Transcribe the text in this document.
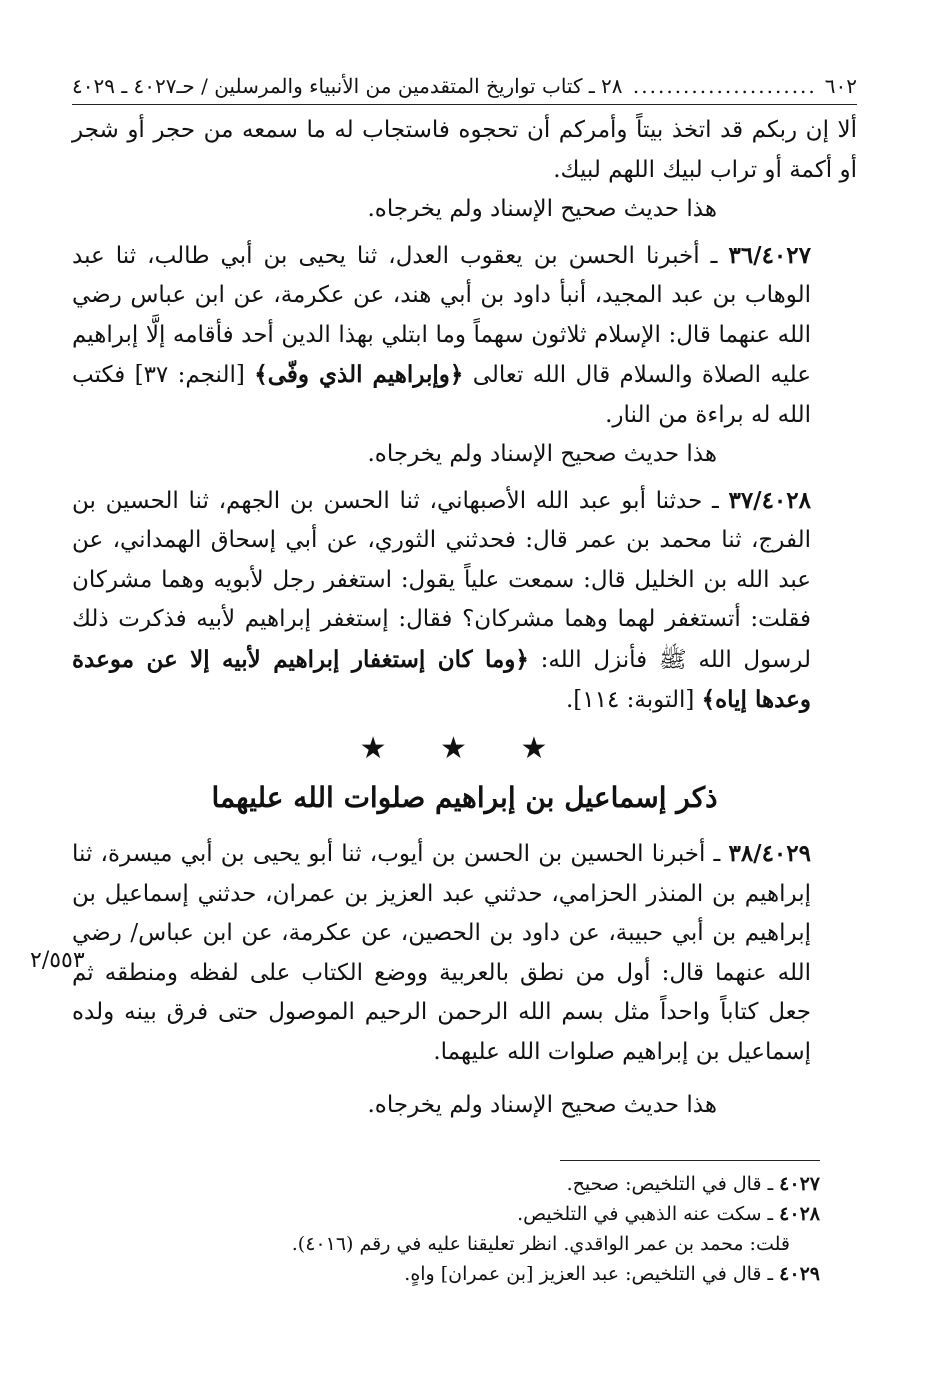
٦٠٢
.....
٢٨ ـ كتاب تواريخ المتقدمين من الأنبياء والمرسلين / حـ٤٠٢٧ ـ ٤٠٢٩

ألا إن ربكم قد اتخذ بيتاً وأمركم أن تحجوه فاستجاب له ما سمعه من حجر أو شجر أو أكمة أو تراب لبيك اللهم لبيك.

هذا حديث صحيح الإسناد ولم يخرجاه.

٣٦/٤٠٢٧ ـ أخبرنا الحسن بن يعقوب العدل، ثنا يحيى بن أبي طالب، ثنا عبد الوهاب بن عبد المجيد، أنبأ داود بن أبي هند، عن عكرمة، عن ابن عباس رضي الله عنهما قال: الإسلام ثلاثون سهماً وما ابتلي بهذا الدين أحد فأقامه إلَّا إبراهيم عليه الصلاة والسلام قال الله تعالى ﴿وإبراهيم الذي وفّى﴾ [النجم: ٣٧] فكتب الله له براءة من النار.

هذا حديث صحيح الإسناد ولم يخرجاه.

٣٧/٤٠٢٨ ـ حدثنا أبو عبد الله الأصبهاني، ثنا الحسن بن الجهم، ثنا الحسين بن الفرج، ثنا محمد بن عمر قال: فحدثني الثوري، عن أبي إسحاق الهمداني، عن عبد الله بن الخليل قال: سمعت علياً يقول: استغفر رجل لأبويه وهما مشركان فقلت: أتستغفر لهما وهما مشركان؟ فقال: إستغفر إبراهيم لأبيه فذكرت ذلك لرسول الله ﷺ فأنزل الله: ﴿وما كان إستغفار إبراهيم لأبيه إلا عن موعدة وعدها إياه﴾ [التوبة: ١١٤].

★ ★ ★
ذكر إسماعيل بن إبراهيم صلوات الله عليهما

٣٨/٤٠٢٩ ـ أخبرنا الحسين بن الحسن بن أيوب، ثنا أبو يحيى بن أبي ميسرة، ثنا إبراهيم بن المنذر الحزامي، حدثني عبد العزيز بن عمران، حدثني إسماعيل بن إبراهيم بن أبي حبيبة، عن داود بن الحصين، عن عكرمة، عن ابن عباس/ رضي الله عنهما قال: أول من نطق بالعربية ووضع الكتاب على لفظه ومنطقه ثم جعل كتاباً واحداً مثل بسم الله الرحمن الرحيم الموصول حتى فرق بينه ولده إسماعيل بن إبراهيم صلوات الله عليهما.

هذا حديث صحيح الإسناد ولم يخرجاه.

٢/٥٥٣

٤٠٢٧ ـ قال في التلخيص: صحيح.

٤٠٢٨ ـ سكت عنه الذهبي في التلخيص.

قلت: محمد بن عمر الواقدي. انظر تعليقنا عليه في رقم (٤٠١٦).

٤٠٢٩ ـ قال في التلخيص: عبد العزيز [بن عمران] واهٍ.
